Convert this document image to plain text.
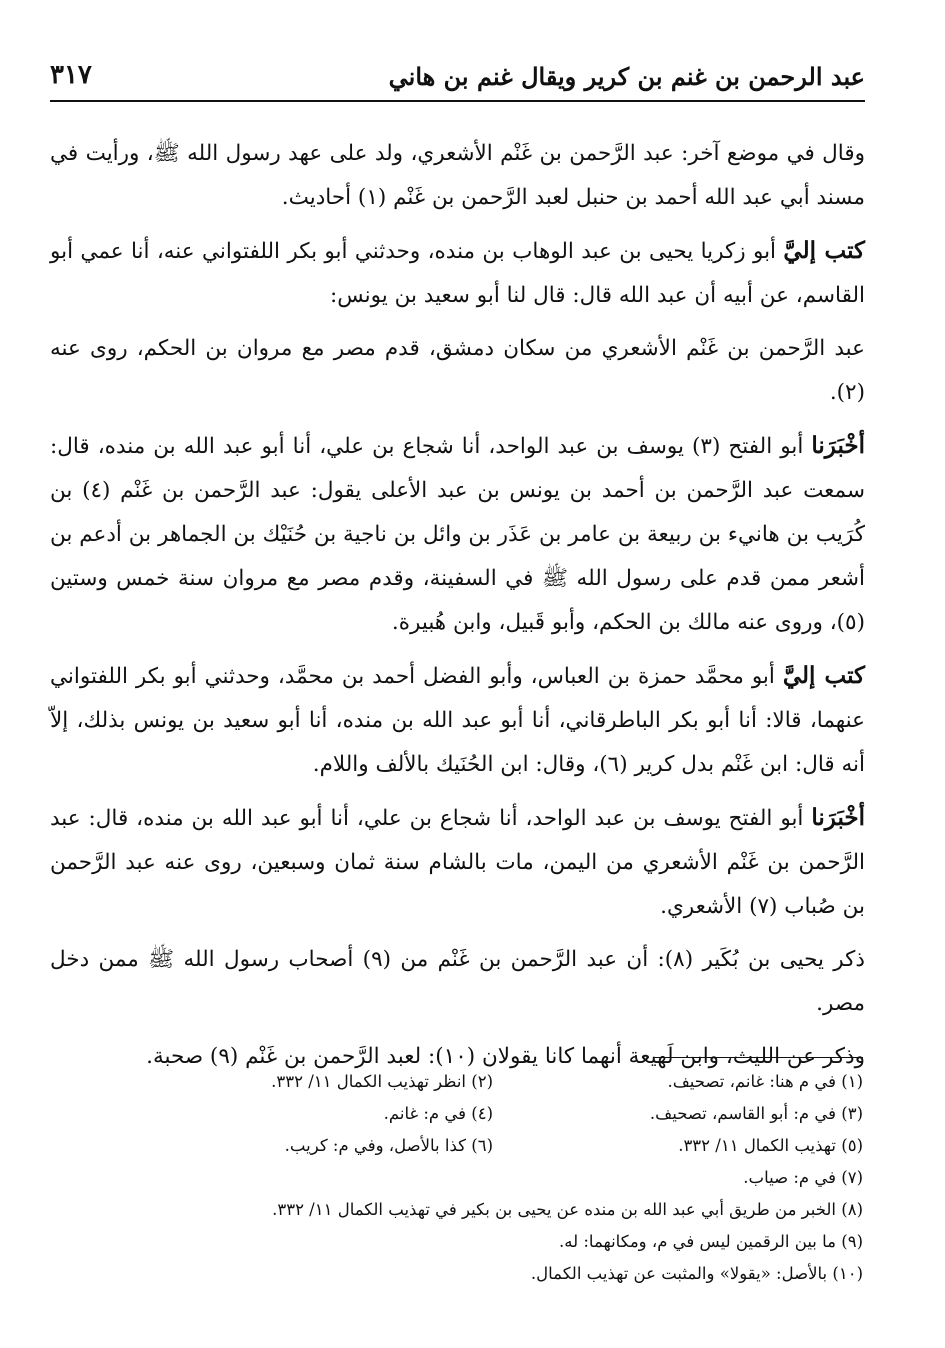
٣١٧	عبد الرحمن بن غنم بن كرير ويقال غنم بن هاني

وقال في موضع آخر: عبد الرَّحمن بن غَنْم الأشعري، ولد على عهد رسول الله ﷺ، ورأيت في مسند أبي عبد الله أحمد بن حنبل لعبد الرَّحمن بن غَنْم (١) أحاديث.

كتب إليَّ أبو زكريا يحيى بن عبد الوهاب بن منده، وحدثني أبو بكر اللفتواني عنه، أنا عمي أبو القاسم، عن أبيه أن عبد الله قال: قال لنا أبو سعيد بن يونس:

عبد الرَّحمن بن غَنْم الأشعري من سكان دمشق، قدم مصر مع مروان بن الحكم، روى عنه (٢).

أخْبَرَنا أبو الفتح (٣) يوسف بن عبد الواحد، أنا شجاع بن علي، أنا أبو عبد الله بن منده، قال: سمعت عبد الرَّحمن بن أحمد بن يونس بن عبد الأعلى يقول: عبد الرَّحمن بن غَنْم (٤) بن كُرَيب بن هانيء بن ربيعة بن عامر بن عَذَر بن وائل بن ناجية بن حُنَيْك بن الجماهر بن أدعم بن أشعر ممن قدم على رسول الله ﷺ في السفينة، وقدم مصر مع مروان سنة خمس وستين (٥)، وروى عنه مالك بن الحكم، وأبو قَبيل، وابن هُبيرة.

كتب إليَّ أبو محمَّد حمزة بن العباس، وأبو الفضل أحمد بن محمَّد، وحدثني أبو بكر اللفتواني عنهما، قالا: أنا أبو بكر الباطرقاني، أنا أبو عبد الله بن منده، أنا أبو سعيد بن يونس بذلك، إلاّ أنه قال: ابن غَنْم بدل كرير (٦)، وقال: ابن الحُنَيك بالألف واللام.

أخْبَرَنا أبو الفتح يوسف بن عبد الواحد، أنا شجاع بن علي، أنا أبو عبد الله بن منده، قال: عبد الرَّحمن بن غَنْم الأشعري من اليمن، مات بالشام سنة ثمان وسبعين، روى عنه عبد الرَّحمن بن صُباب (٧) الأشعري.

ذكر يحيى بن بُكَير (٨): أن عبد الرَّحمن بن غَنْم من (٩) أصحاب رسول الله ﷺ ممن دخل مصر.

وذكر عن الليث، وابن لَهيعة أنهما كانا يقولان (١٠): لعبد الرَّحمن بن غَنْم (٩) صحبة.

(١) في م هنا: غانم، تصحيف.
(٢) انظر تهذيب الكمال ١١/ ٣٣٢.
(٣) في م: أبو القاسم، تصحيف.
(٤) في م: غانم.
(٥) تهذيب الكمال ١١/ ٣٣٢.
(٦) كذا بالأصل، وفي م: كريب.
(٧) في م: صياب.
(٨) الخبر من طريق أبي عبد الله بن منده عن يحيى بن بكير في تهذيب الكمال ١١/ ٣٣٢.
(٩) ما بين الرقمين ليس في م، ومكانهما: له.
(١٠) بالأصل: «يقولا» والمثبت عن تهذيب الكمال.
